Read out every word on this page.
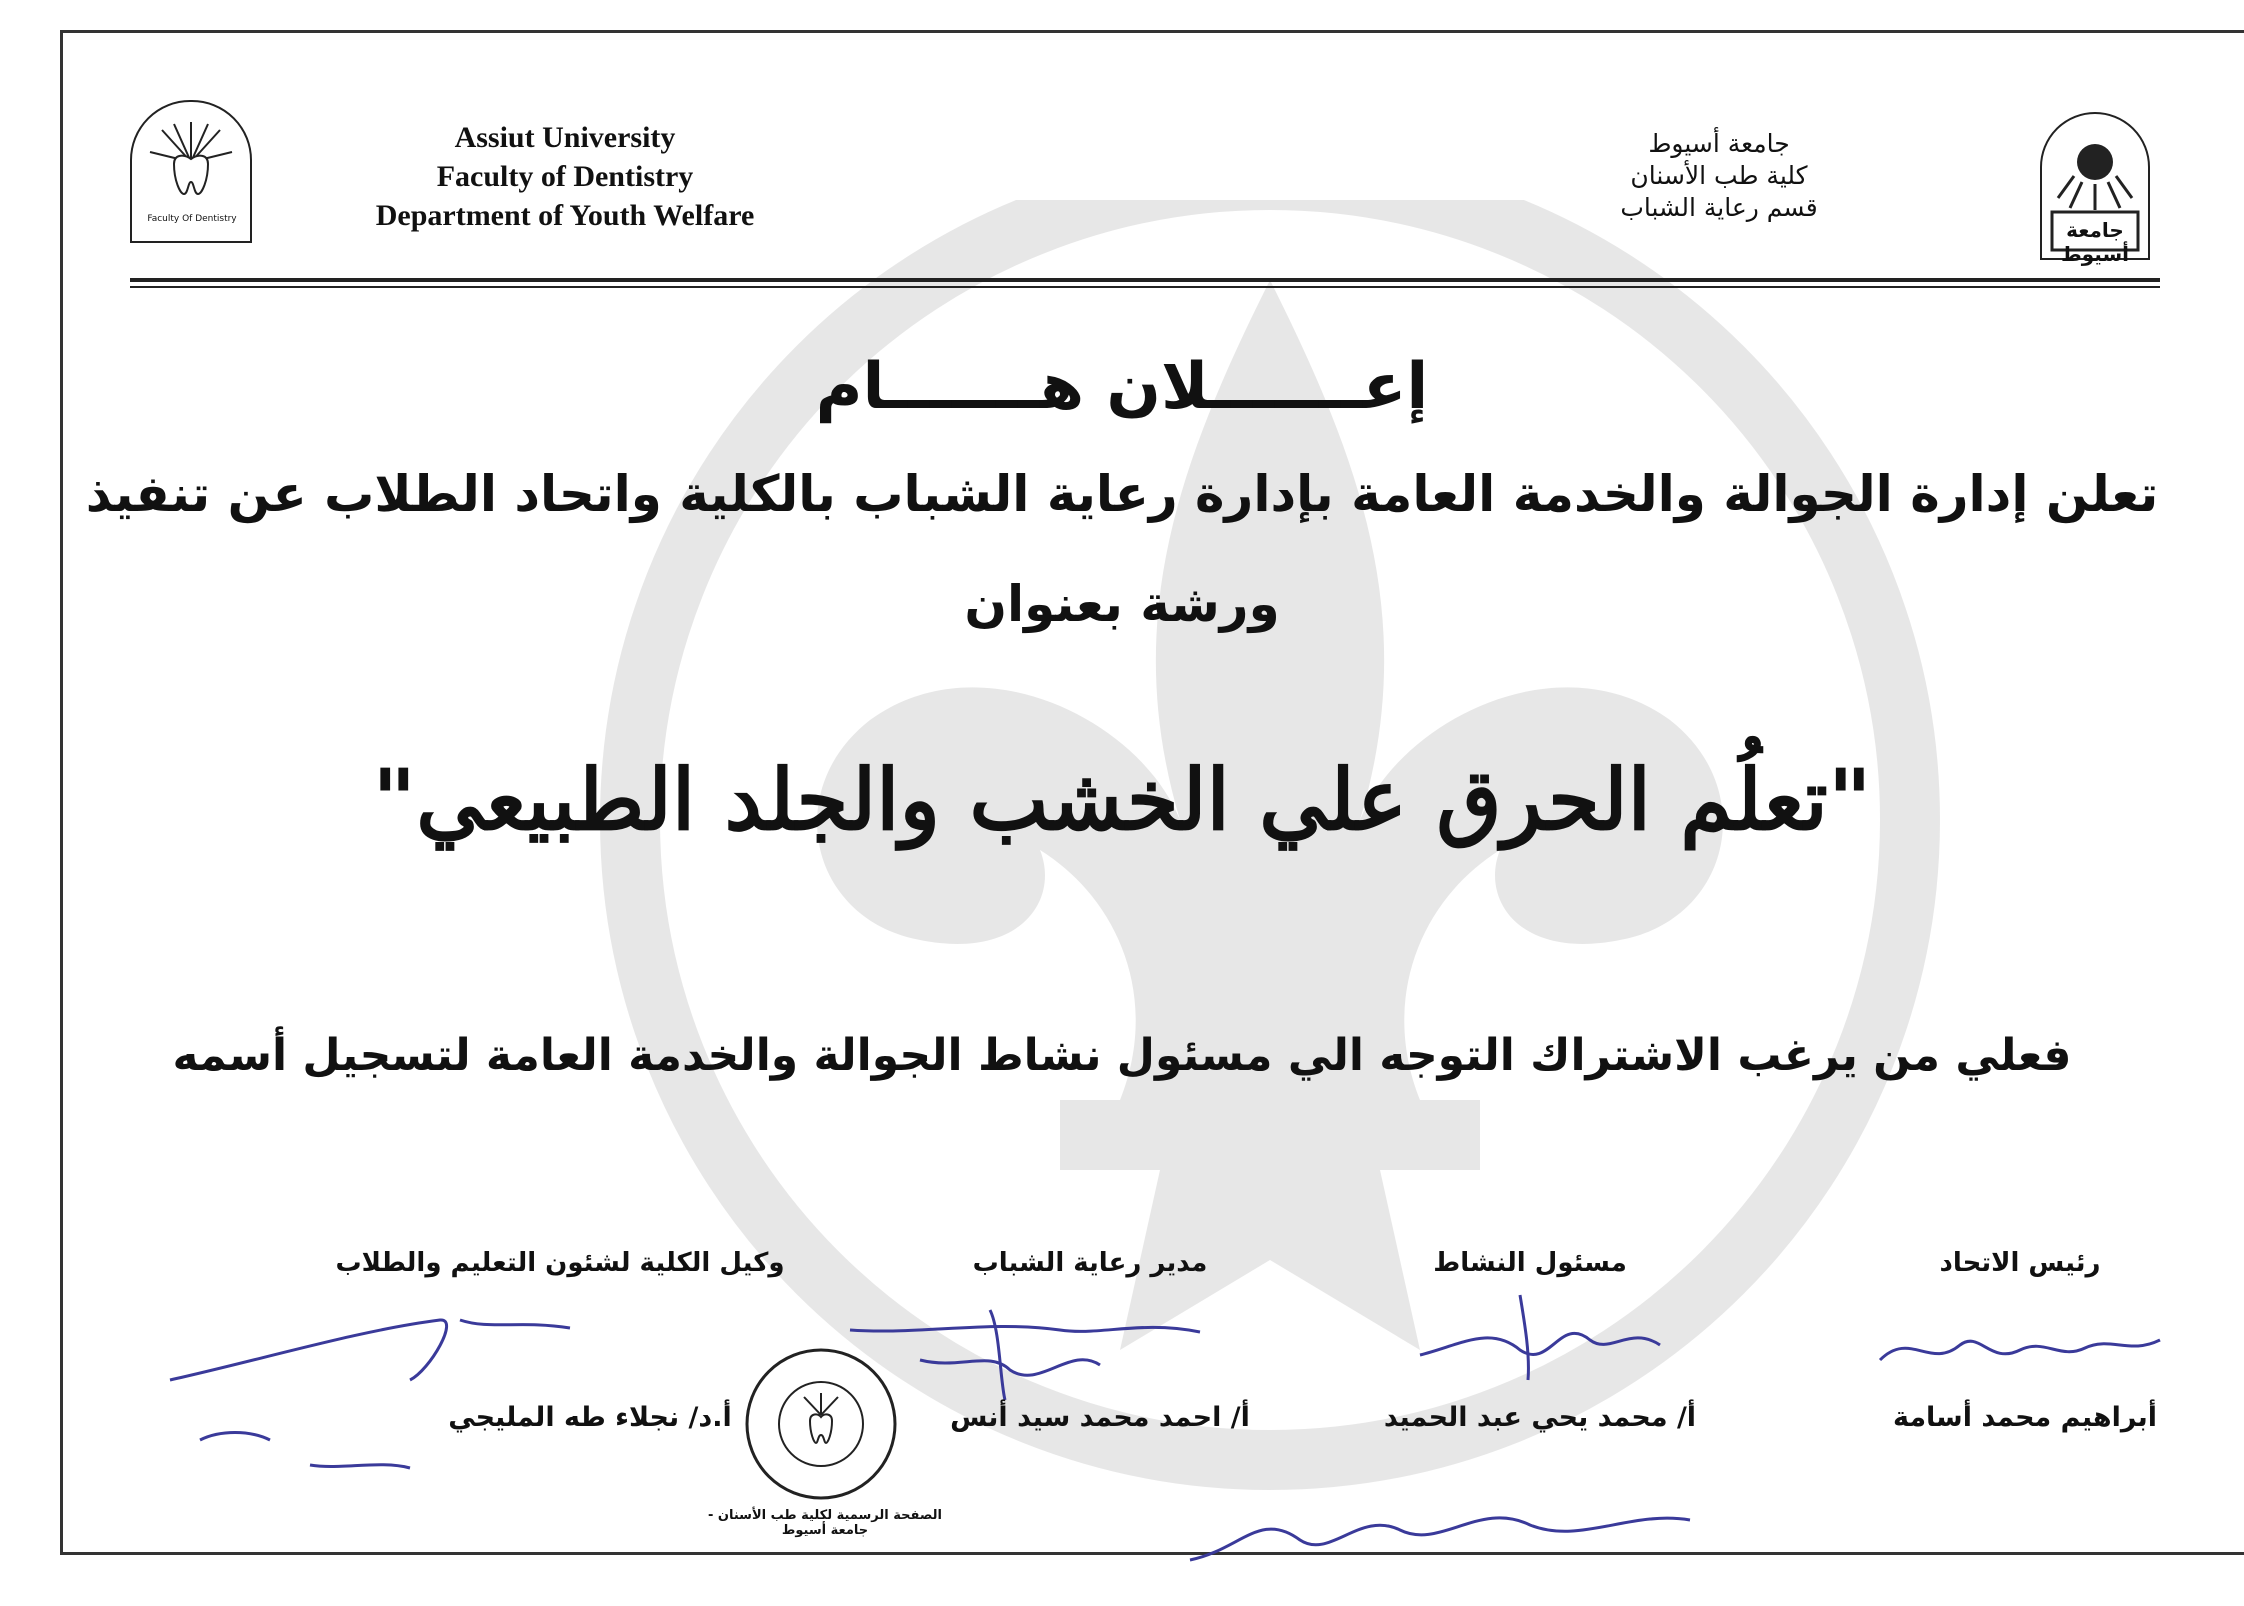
Faculty Of Dentistry	جامعة أسيوط
Assiut University
Faculty of Dentistry
Department of Youth Welfare
جامعة أسيوط
كلية طب الأسنان
قسم رعاية الشباب
إعـــــــلان هـــــــام
تعلن إدارة الجوالة والخدمة العامة بإدارة رعاية الشباب بالكلية واتحاد الطلاب عن تنفيذ
ورشة بعنوان
"تعلُم الحرق علي الخشب والجلد الطبيعي"
فعلي من يرغب الاشتراك التوجه الي مسئول نشاط الجوالة والخدمة العامة لتسجيل أسمه
رئيس الاتحاد
مسئول النشاط
مدير رعاية الشباب
وكيل الكلية لشئون التعليم والطلاب
الصفحة الرسمية لكلية طب الأسنان - جامعة أسيوط
أبراهيم محمد أسامة
أ/ محمد يحي عبد الحميد
أ/ احمد محمد سيد أنس
أ.د/ نجلاء طه المليجي
